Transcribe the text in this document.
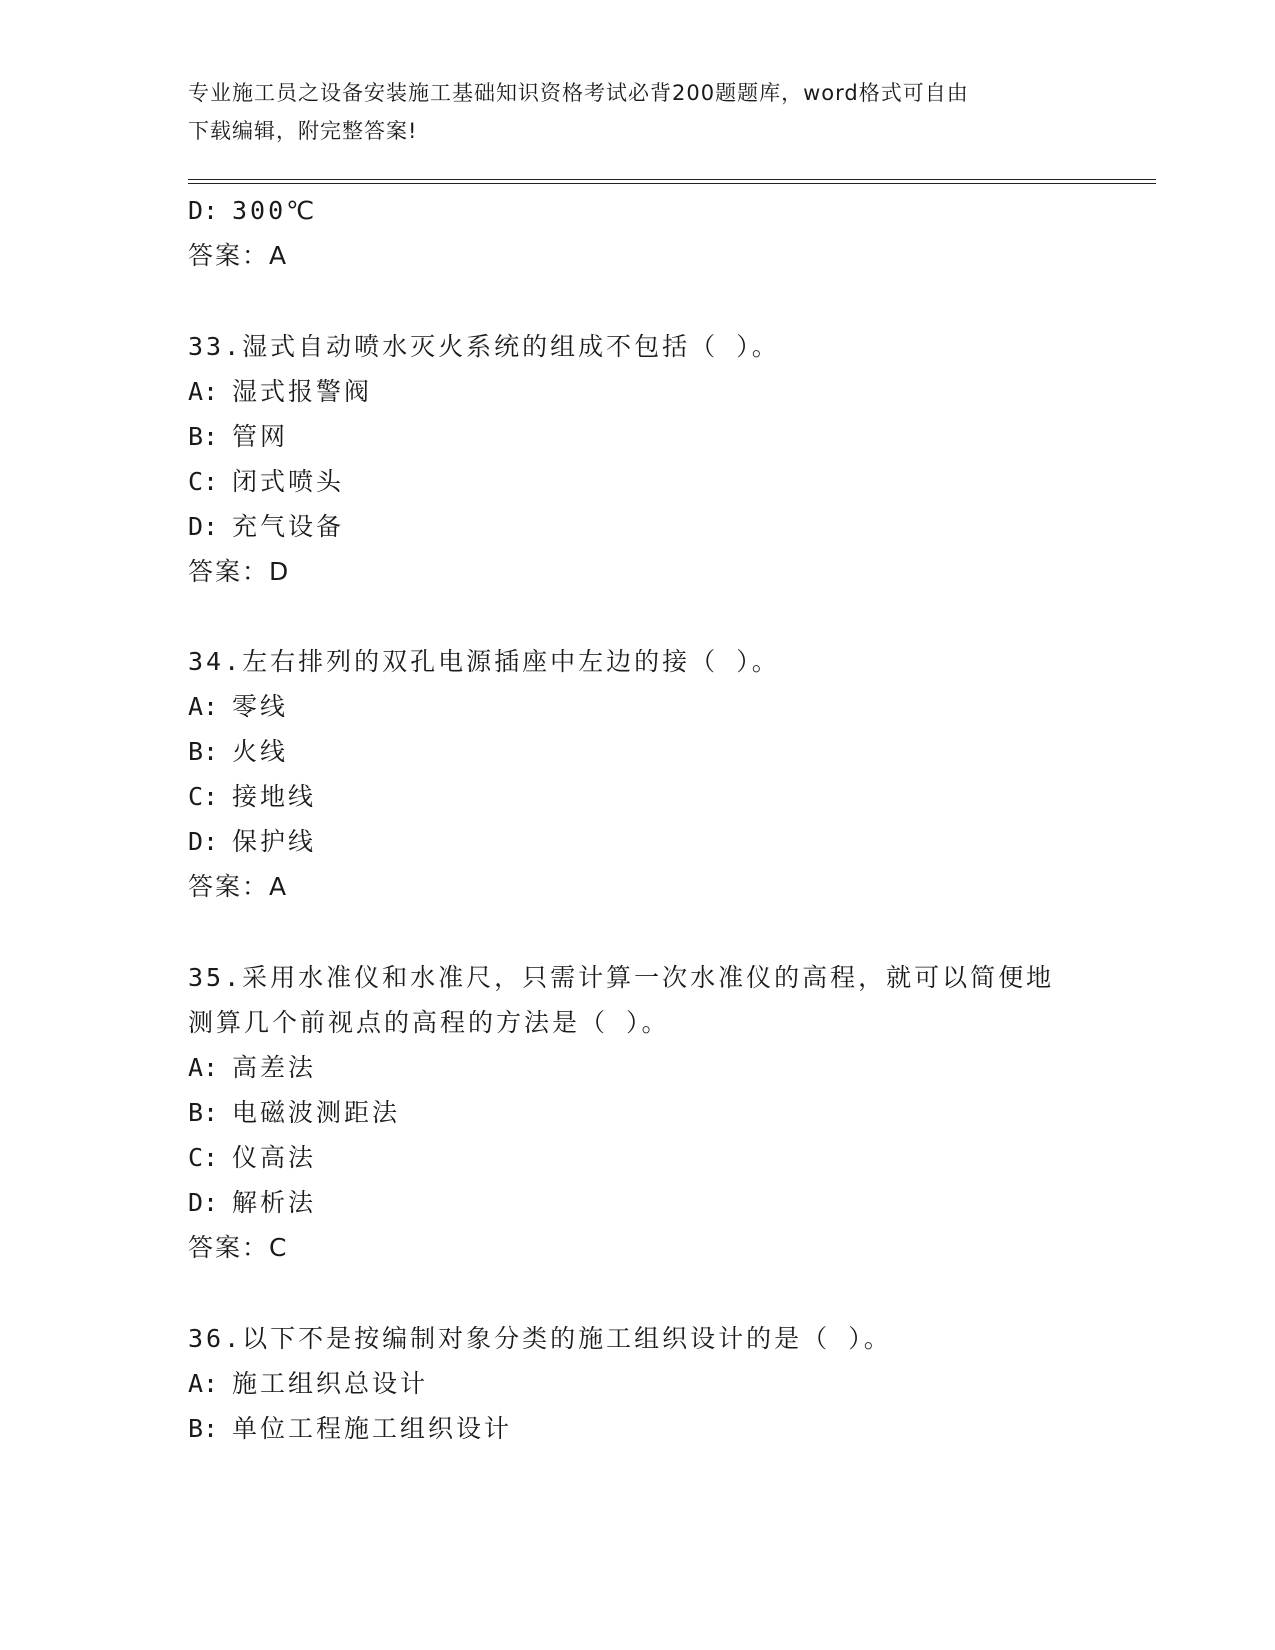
专业施工员之设备安装施工基础知识资格考试必背200题题库，word格式可自由
下载编辑，附完整答案!
D: 300℃
答案：A
33.湿式自动喷水灭火系统的组成不包括（ ）。
A: 湿式报警阀
B: 管网
C: 闭式喷头
D: 充气设备
答案：D
34.左右排列的双孔电源插座中左边的接（ ）。
A: 零线
B: 火线
C: 接地线
D: 保护线
答案：A
35.采用水准仪和水准尺，只需计算一次水准仪的高程，就可以简便地
测算几个前视点的高程的方法是（ ）。
A: 高差法
B: 电磁波测距法
C: 仪高法
D: 解析法
答案：C
36.以下不是按编制对象分类的施工组织设计的是（ ）。
A: 施工组织总设计
B: 单位工程施工组织设计
